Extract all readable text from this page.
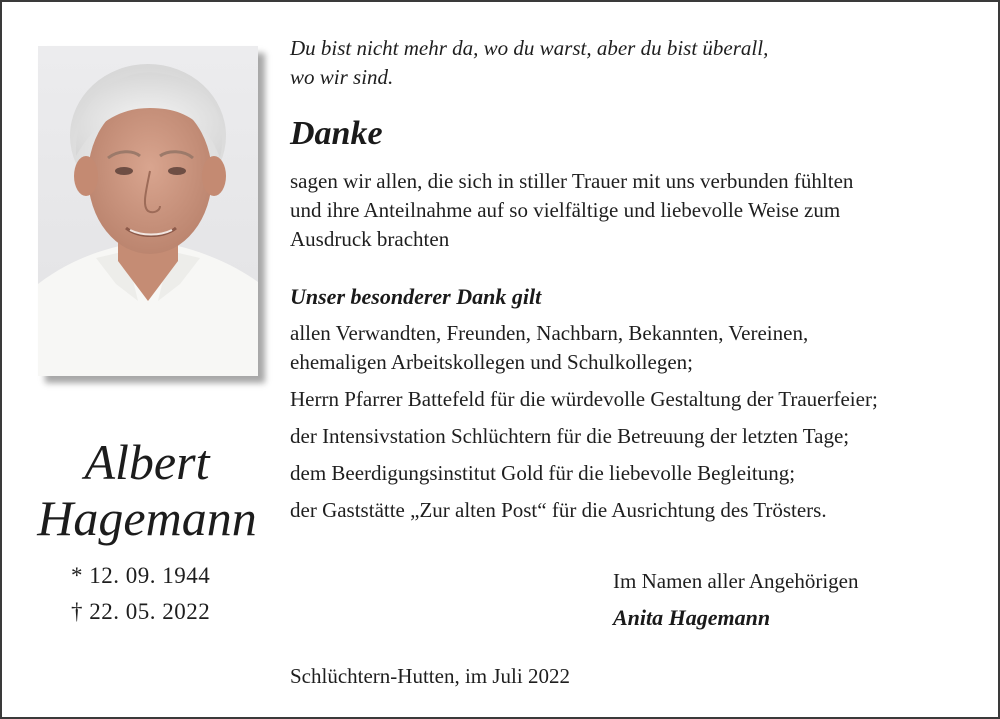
Albert
Hagemann
* 12. 09. 1944
† 22. 05. 2022
Du bist nicht mehr da, wo du warst, aber du bist überall,
wo wir sind.
Danke
sagen wir allen, die sich in stiller Trauer mit uns verbunden fühlten
und ihre Anteilnahme auf so vielfältige und liebevolle Weise zum
Ausdruck brachten
Unser besonderer Dank gilt
allen Verwandten, Freunden, Nachbarn, Bekannten, Vereinen,
ehemaligen Arbeitskollegen und Schulkollegen;
Herrn Pfarrer Battefeld für die würdevolle Gestaltung der Trauerfeier;
der Intensivstation Schlüchtern für die Betreuung der letzten Tage;
dem Beerdigungsinstitut Gold für die liebevolle Begleitung;
der Gaststätte „Zur alten Post“ für die Ausrichtung des Trösters.
Im Namen aller Angehörigen
Anita Hagemann
Schlüchtern-Hutten, im Juli 2022
